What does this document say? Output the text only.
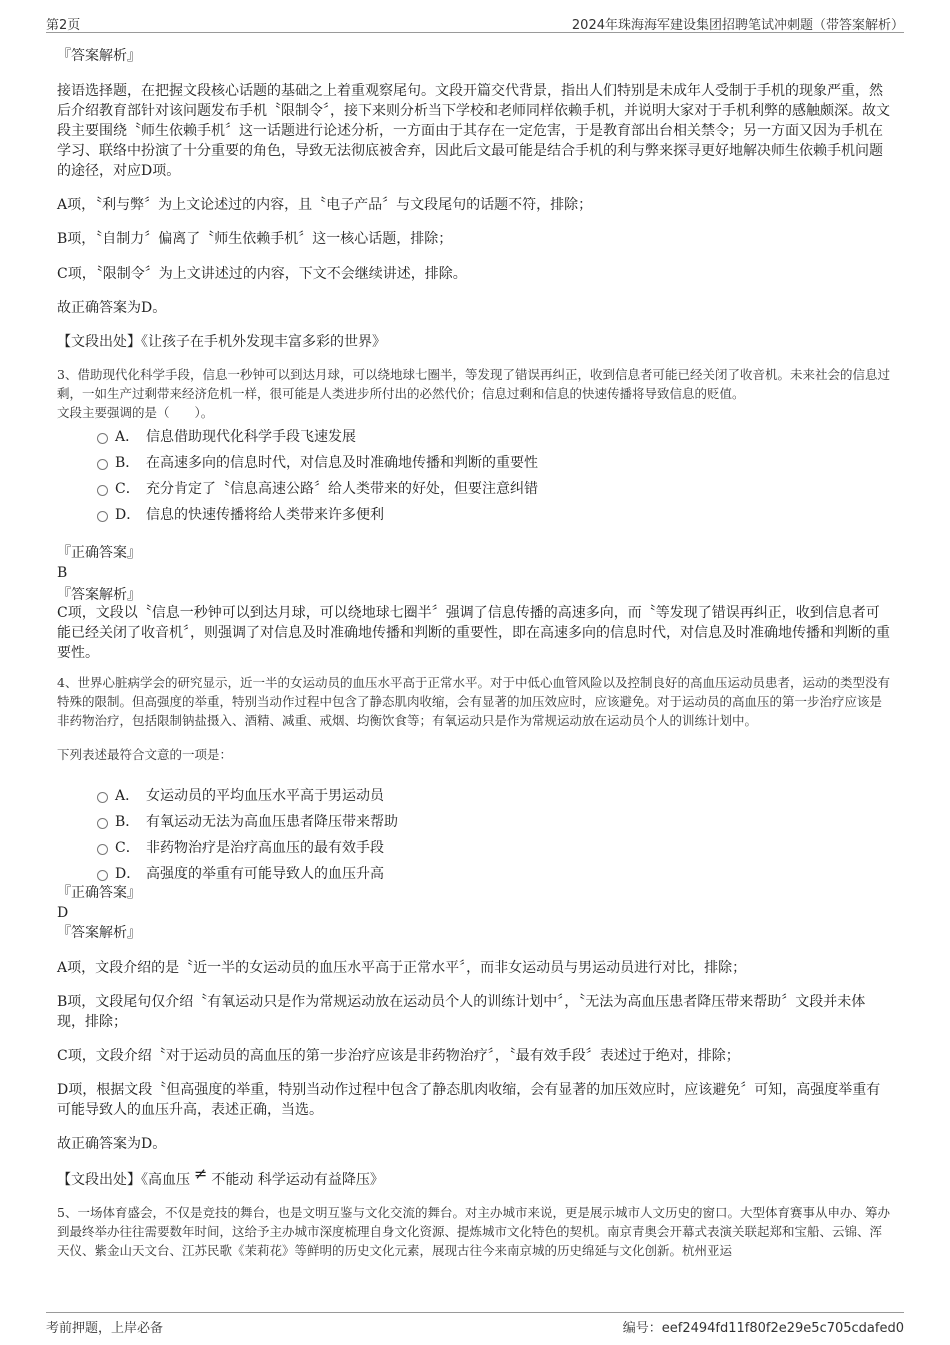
第2页	2024年珠海海军建设集团招聘笔试冲刺题（带答案解析）

『答案解析』

接语选择题，在把握文段核心话题的基础之上着重观察尾句。文段开篇交代背景，指出人们特别是未成年人受制于手机的现象严重，然后介绍教育部针对该问题发布手机〝限制令〞，接下来则分析当下学校和老师同样依赖手机，并说明大家对于手机利弊的感触颇深。故文段主要围绕〝师生依赖手机〞这一话题进行论述分析，一方面由于其存在一定危害，于是教育部出台相关禁令；另一方面又因为手机在学习、联络中扮演了十分重要的角色，导致无法彻底被舍弃，因此后文最可能是结合手机的利与弊来探寻更好地解决师生依赖手机问题的途径，对应D项。

A项，〝利与弊〞为上文论述过的内容，且〝电子产品〞与文段尾句的话题不符，排除；

B项，〝自制力〞偏离了〝师生依赖手机〞这一核心话题，排除；

C项，〝限制令〞为上文讲述过的内容，下文不会继续讲述，排除。

故正确答案为D。

【文段出处】《让孩子在手机外发现丰富多彩的世界》

3、借助现代化科学手段，信息一秒钟可以到达月球，可以绕地球七圈半，等发现了错误再纠正，收到信息者可能已经关闭了收音机。未来社会的信息过剩，一如生产过剩带来经济危机一样，很可能是人类进步所付出的必然代价；信息过剩和信息的快速传播将导致信息的贬值。

文段主要强调的是（　　）。

A． 信息借助现代化科学手段飞速发展
B． 在高速多向的信息时代，对信息及时准确地传播和判断的重要性
C． 充分肯定了〝信息高速公路〞给人类带来的好处，但要注意纠错
D． 信息的快速传播将给人类带来许多便利

『正确答案』

B

『答案解析』

C项，文段以〝信息一秒钟可以到达月球，可以绕地球七圈半〞强调了信息传播的高速多向，而〝等发现了错误再纠正，收到信息者可能已经关闭了收音机〞，则强调了对信息及时准确地传播和判断的重要性，即在高速多向的信息时代，对信息及时准确地传播和判断的重要性。

4、世界心脏病学会的研究显示，近一半的女运动员的血压水平高于正常水平。对于中低心血管风险以及控制良好的高血压运动员患者，运动的类型没有特殊的限制。但高强度的举重，特别当动作过程中包含了静态肌肉收缩，会有显著的加压效应时，应该避免。对于运动员的高血压的第一步治疗应该是非药物治疗，包括限制钠盐摄入、酒精、减重、戒烟、均衡饮食等；有氧运动只是作为常规运动放在运动员个人的训练计划中。

下列表述最符合文意的一项是：

A． 女运动员的平均血压水平高于男运动员
B． 有氧运动无法为高血压患者降压带来帮助
C． 非药物治疗是治疗高血压的最有效手段
D． 高强度的举重有可能导致人的血压升高

『正确答案』

D

『答案解析』

A项，文段介绍的是〝近一半的女运动员的血压水平高于正常水平〞，而非女运动员与男运动员进行对比，排除；

B项，文段尾句仅介绍〝有氧运动只是作为常规运动放在运动员个人的训练计划中〞，〝无法为高血压患者降压带来帮助〞文段并未体现，排除；

C项，文段介绍〝对于运动员的高血压的第一步治疗应该是非药物治疗〞，〝最有效手段〞表述过于绝对，排除；

D项，根据文段〝但高强度的举重，特别当动作过程中包含了静态肌肉收缩，会有显著的加压效应时，应该避免〞可知，高强度举重有可能导致人的血压升高，表述正确，当选。

故正确答案为D。

【文段出处】《高血压 ≠ 不能动 科学运动有益降压》

5、一场体育盛会，不仅是竞技的舞台，也是文明互鉴与文化交流的舞台。对主办城市来说，更是展示城市人文历史的窗口。大型体育赛事从申办、筹办到最终举办往往需要数年时间，这给予主办城市深度梳理自身文化资源、提炼城市文化特色的契机。南京青奥会开幕式表演关联起郑和宝船、云锦、浑天仪、紫金山天文台、江苏民歌《茉莉花》等鲜明的历史文化元素，展现古往今来南京城的历史绵延与文化创新。杭州亚运

考前押题，上岸必备	编号：eef2494fd11f80f2e29e5c705cdafed0
